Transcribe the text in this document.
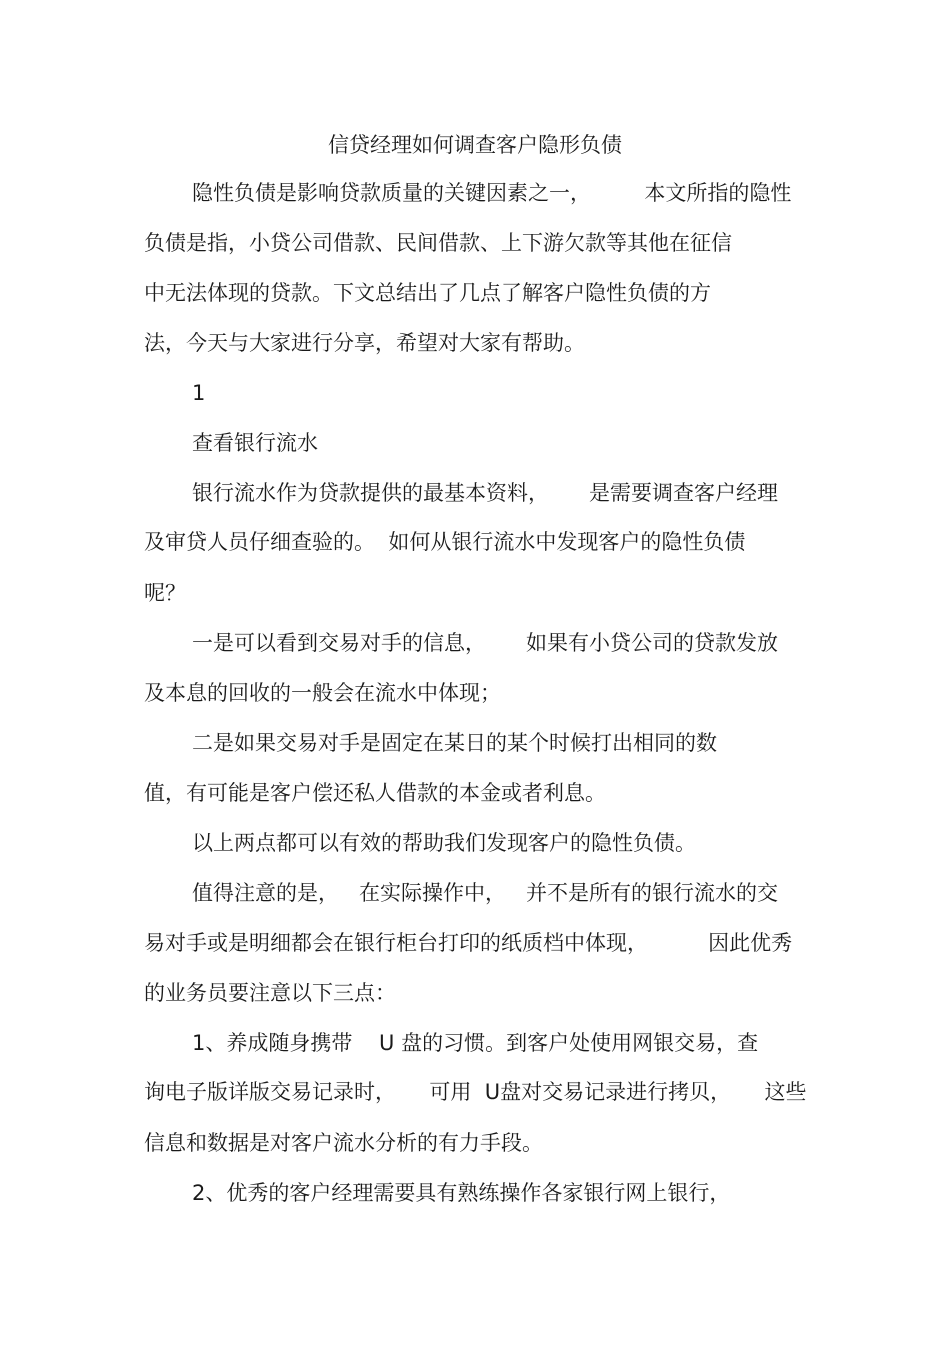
信贷经理如何调查客户隐形负债
隐性负债是影响贷款质量的关键因素之一，        本文所指的隐性
负债是指，小贷公司借款、民间借款、上下游欠款等其他在征信
中无法体现的贷款。下文总结出了几点了解客户隐性负债的方
法，今天与大家进行分享，希望对大家有帮助。
1
查看银行流水
银行流水作为贷款提供的最基本资料，      是需要调查客户经理
及审贷人员仔细查验的。  如何从银行流水中发现客户的隐性负债
呢？
一是可以看到交易对手的信息，      如果有小贷公司的贷款发放
及本息的回收的一般会在流水中体现；
二是如果交易对手是固定在某日的某个时候打出相同的数
值，有可能是客户偿还私人借款的本金或者利息。
以上两点都可以有效的帮助我们发现客户的隐性负债。
值得注意的是，   在实际操作中，   并不是所有的银行流水的交
易对手或是明细都会在银行柜台打印的纸质档中体现，         因此优秀
的业务员要注意以下三点：
1、养成随身携带    U 盘的习惯。到客户处使用网银交易，查
询电子版详版交易记录时，     可用  U盘对交易记录进行拷贝，     这些
信息和数据是对客户流水分析的有力手段。
2、优秀的客户经理需要具有熟练操作各家银行网上银行，
